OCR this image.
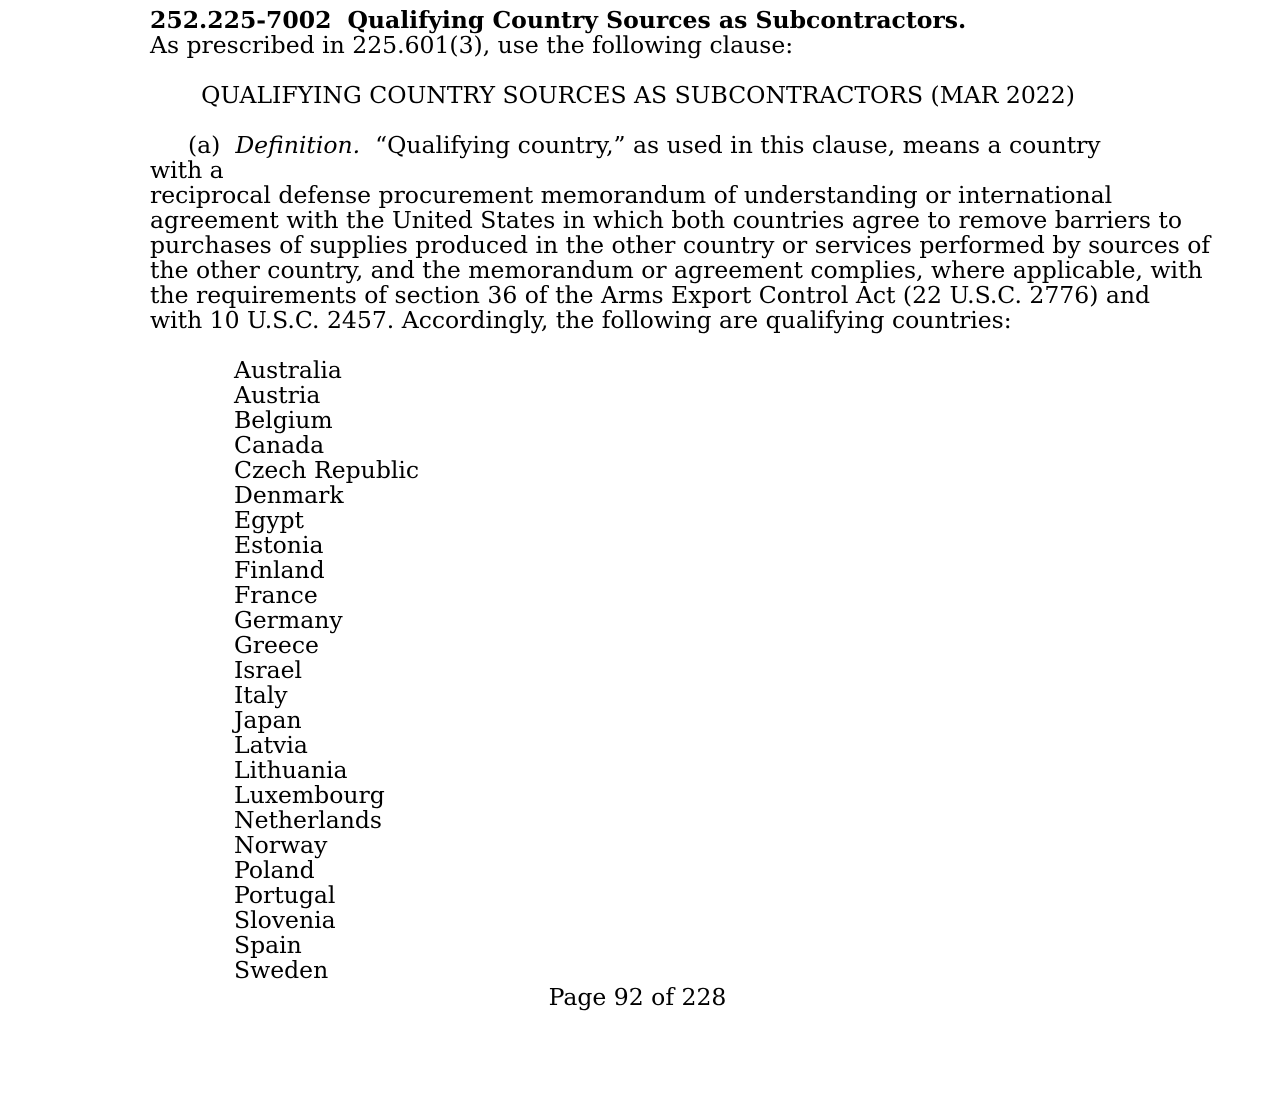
252.225-7002 Qualifying Country Sources as Subcontractors.

As prescribed in 225.601(3), use the following clause:

QUALIFYING COUNTRY SOURCES AS SUBCONTRACTORS (MAR 2022)

(a) Definition. “Qualifying country,” as used in this clause, means a country with a
reciprocal defense procurement memorandum of understanding or international
agreement with the United States in which both countries agree to remove barriers to
purchases of supplies produced in the other country or services performed by sources of
the other country, and the memorandum or agreement complies, where applicable, with
the requirements of section 36 of the Arms Export Control Act (22 U.S.C. 2776) and
with 10 U.S.C. 2457. Accordingly, the following are qualifying countries:
Australia
Austria
Belgium
Canada
Czech Republic
Denmark
Egypt
Estonia
Finland
France
Germany
Greece
Israel
Italy
Japan
Latvia
Lithuania
Luxembourg
Netherlands
Norway
Poland
Portugal
Slovenia
Spain
Sweden
Page 92 of 228
